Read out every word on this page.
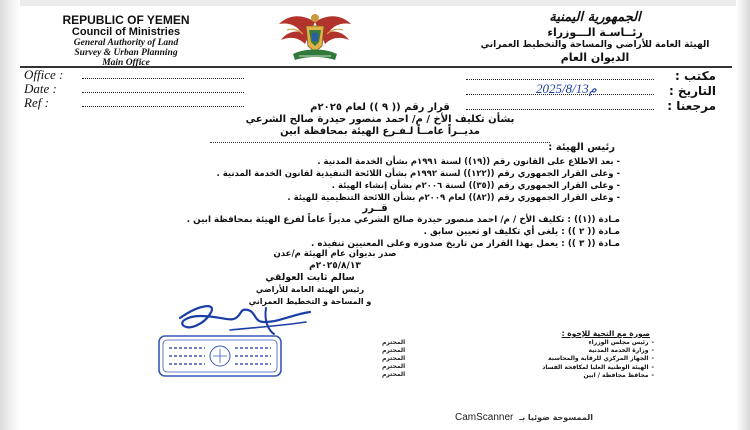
REPUBLIC OF YEMEN
Council of Ministries
General Authority of Land
Survey & Urban Planning
Main Office
الجمهورية اليمنية
رئــاسـة الـــوزراء
الهيئة العامة للأراضي والمساحة والتخطيط العمراني
الديوان العام
Office :
Date :
Ref :
مكتب :
التاريخ :
2025/8/13م
مرجعنا :
قرار رقم (( ٩ )) لعام ٢٠٢٥م
بشأن تكليف الأخ / م/ احمد منصور حيدرة صالح الشرعي
مديــراً عامــاً لـفـرع الهيئة بمحافظة ابين
رئيس الهيئة :
- بعد الاطلاع على القانون رقم ((١٩)) لسنة ١٩٩١م بشأن الخدمة المدنية .
- وعلى القرار الجمهوري رقم ((١٢٢)) لسنة ١٩٩٢م بشأن اللائحة التنفيذية لقانون الخدمة المدنية .
- وعلى القرار الجمهوري رقم ((٣٥)) لسنة ٢٠٠٦م بشأن إنشاء الهيئة .
- وعلى القرار الجمهوري رقم ((٨٢)) لعام ٢٠٠٩م بشأن اللائحة التنظيمية للهيئة .
قــرر
مـادة ((١)) : تكليف الأخ / م/ احمد منصور حيدرة صالح الشرعي مديراً عاماً لفرع الهيئة بمحافظة ابين .
مـادة (( ٢ )) : يلغى أي تكليف او تعيين سابق .
مـادة (( ٣ )) : يعمل بهذا القرار من تاريخ صدوره وعلى المعنيين تنفيذه .
صدر بديوان عام الهيئة م/عدن
٢٠٢٥/٨/١٣م
سالم ثابت العولقي
رئيس الهيئة العامة للأراضي
و المساحة و التخطيط العمراني
صورة مع التحية للإخوة :
- رئيس مجلس الوزراء
- وزارة الخدمة المدنية
- الجهاز المركزي للرقابة والمحاسبة
- الهيئة الوطنية العليا لمكافحة الفساد
- محافظ محافظة / ابين
المحترم
المحترم
المحترم
المحترم
المحترم
الممسوحة ضوئيا بـ
CamScanner
